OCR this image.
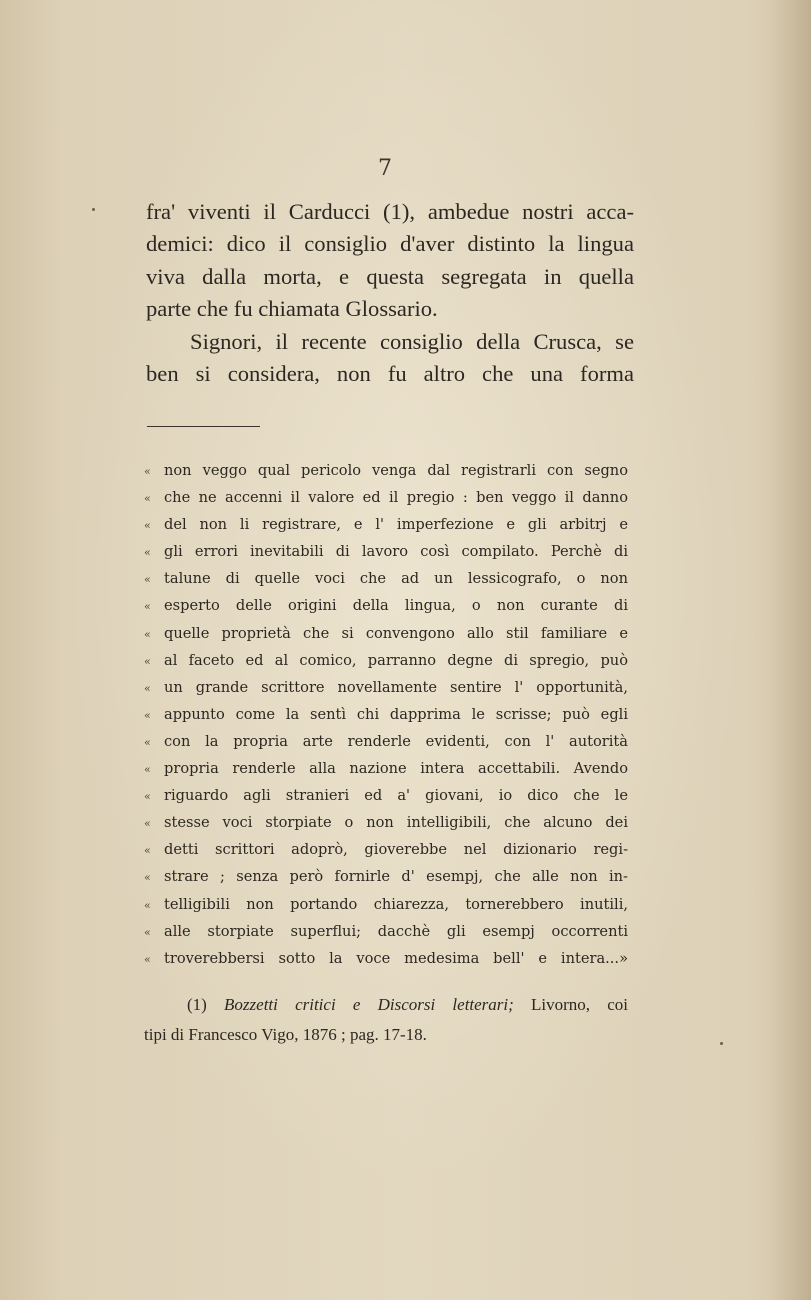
7
fra' viventi il Carducci (1), ambedue nostri acca-
demici: dico il consiglio d'aver distinto la lingua
viva dalla morta, e questa segregata in quella
parte che fu chiamata Glossario.
Signori, il recente consiglio della Crusca, se
ben si considera, non fu altro che una forma
« non veggo qual pericolo venga dal registrarli con segno
« che ne accenni il valore ed il pregio : ben veggo il danno
« del non li registrare, e l' imperfezione e gli arbitrj e
« gli errori inevitabili di lavoro così compilato. Perchè di
« talune di quelle voci che ad un lessicografo, o non
« esperto delle origini della lingua, o non curante di
« quelle proprietà che si convengono allo stil familiare e
« al faceto ed al comico, parranno degne di spregio, può
« un grande scrittore novellamente sentire l' opportunità,
« appunto come la sentì chi dapprima le scrisse; può egli
« con la propria arte renderle evidenti, con l' autorità
« propria renderle alla nazione intera accettabili. Avendo
« riguardo agli stranieri ed a' giovani, io dico che le
« stesse voci storpiate o non intelligibili, che alcuno dei
« detti scrittori adoprò, gioverebbe nel dizionario regi-
« strare ; senza però fornirle d' esempj, che alle non in-
« telligibili non portando chiarezza, tornerebbero inutili,
« alle storpiate superflui; dacchè gli esempj occorrenti
« troverebbersi sotto la voce medesima bell' e intera...»
(1) Bozzetti critici e Discorsi letterari; Livorno, coi
tipi di Francesco Vigo, 1876 ; pag. 17-18.
